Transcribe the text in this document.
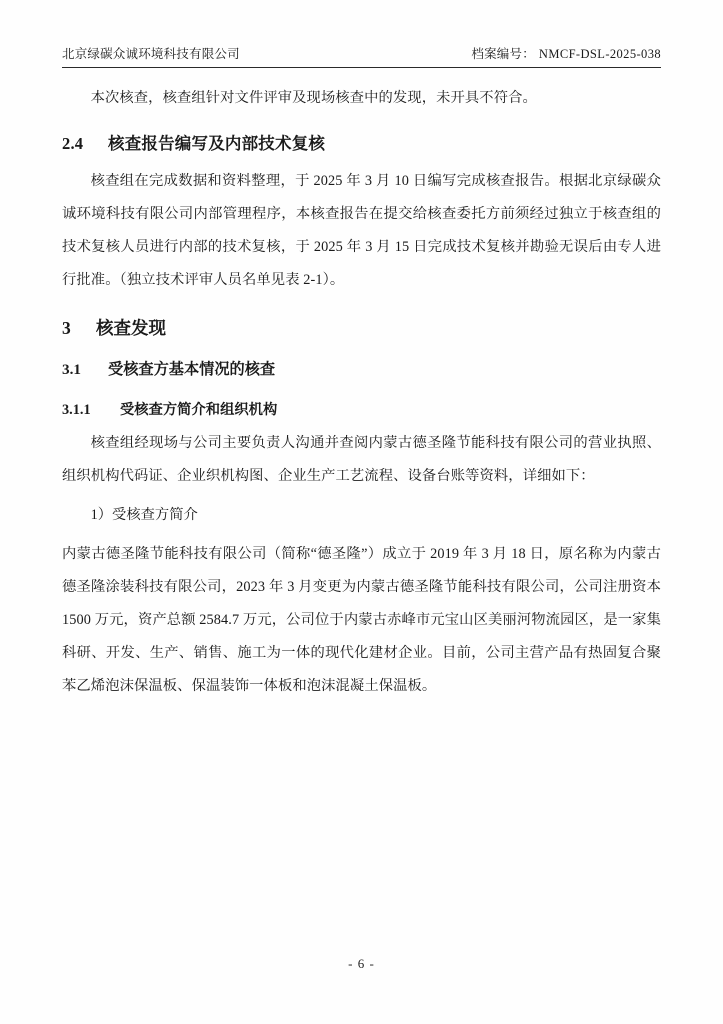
北京绿碳众诚环境科技有限公司	档案编号： NMCF-DSL-2025-038

本次核查，核查组针对文件评审及现场核查中的发现，未开具不符合。

2.4 核查报告编写及内部技术复核

核查组在完成数据和资料整理，于 2025 年 3 月 10 日编写完成核查报告。根据北京绿碳众诚环境科技有限公司内部管理程序，本核查报告在提交给核查委托方前须经过独立于核查组的技术复核人员进行内部的技术复核，于 2025 年 3 月 15 日完成技术复核并勘验无误后由专人进行批准。（独立技术评审人员名单见表 2-1）。

3 核查发现
3.1 受核查方基本情况的核查
3.1.1 受核查方简介和组织机构

核查组经现场与公司主要负责人沟通并查阅内蒙古德圣隆节能科技有限公司的营业执照、组织机构代码证、企业织机构图、企业生产工艺流程、设备台账等资料，详细如下：

1）受核查方简介

内蒙古德圣隆节能科技有限公司（简称“德圣隆”）成立于 2019 年 3 月 18 日，原名称为内蒙古德圣隆涂装科技有限公司，2023 年 3 月变更为内蒙古德圣隆节能科技有限公司，公司注册资本 1500 万元，资产总额 2584.7 万元，公司位于内蒙古赤峰市元宝山区美丽河物流园区，是一家集科研、开发、生产、销售、施工为一体的现代化建材企业。目前，公司主营产品有热固复合聚苯乙烯泡沫保温板、保温装饰一体板和泡沫混凝土保温板。

- 6 -
